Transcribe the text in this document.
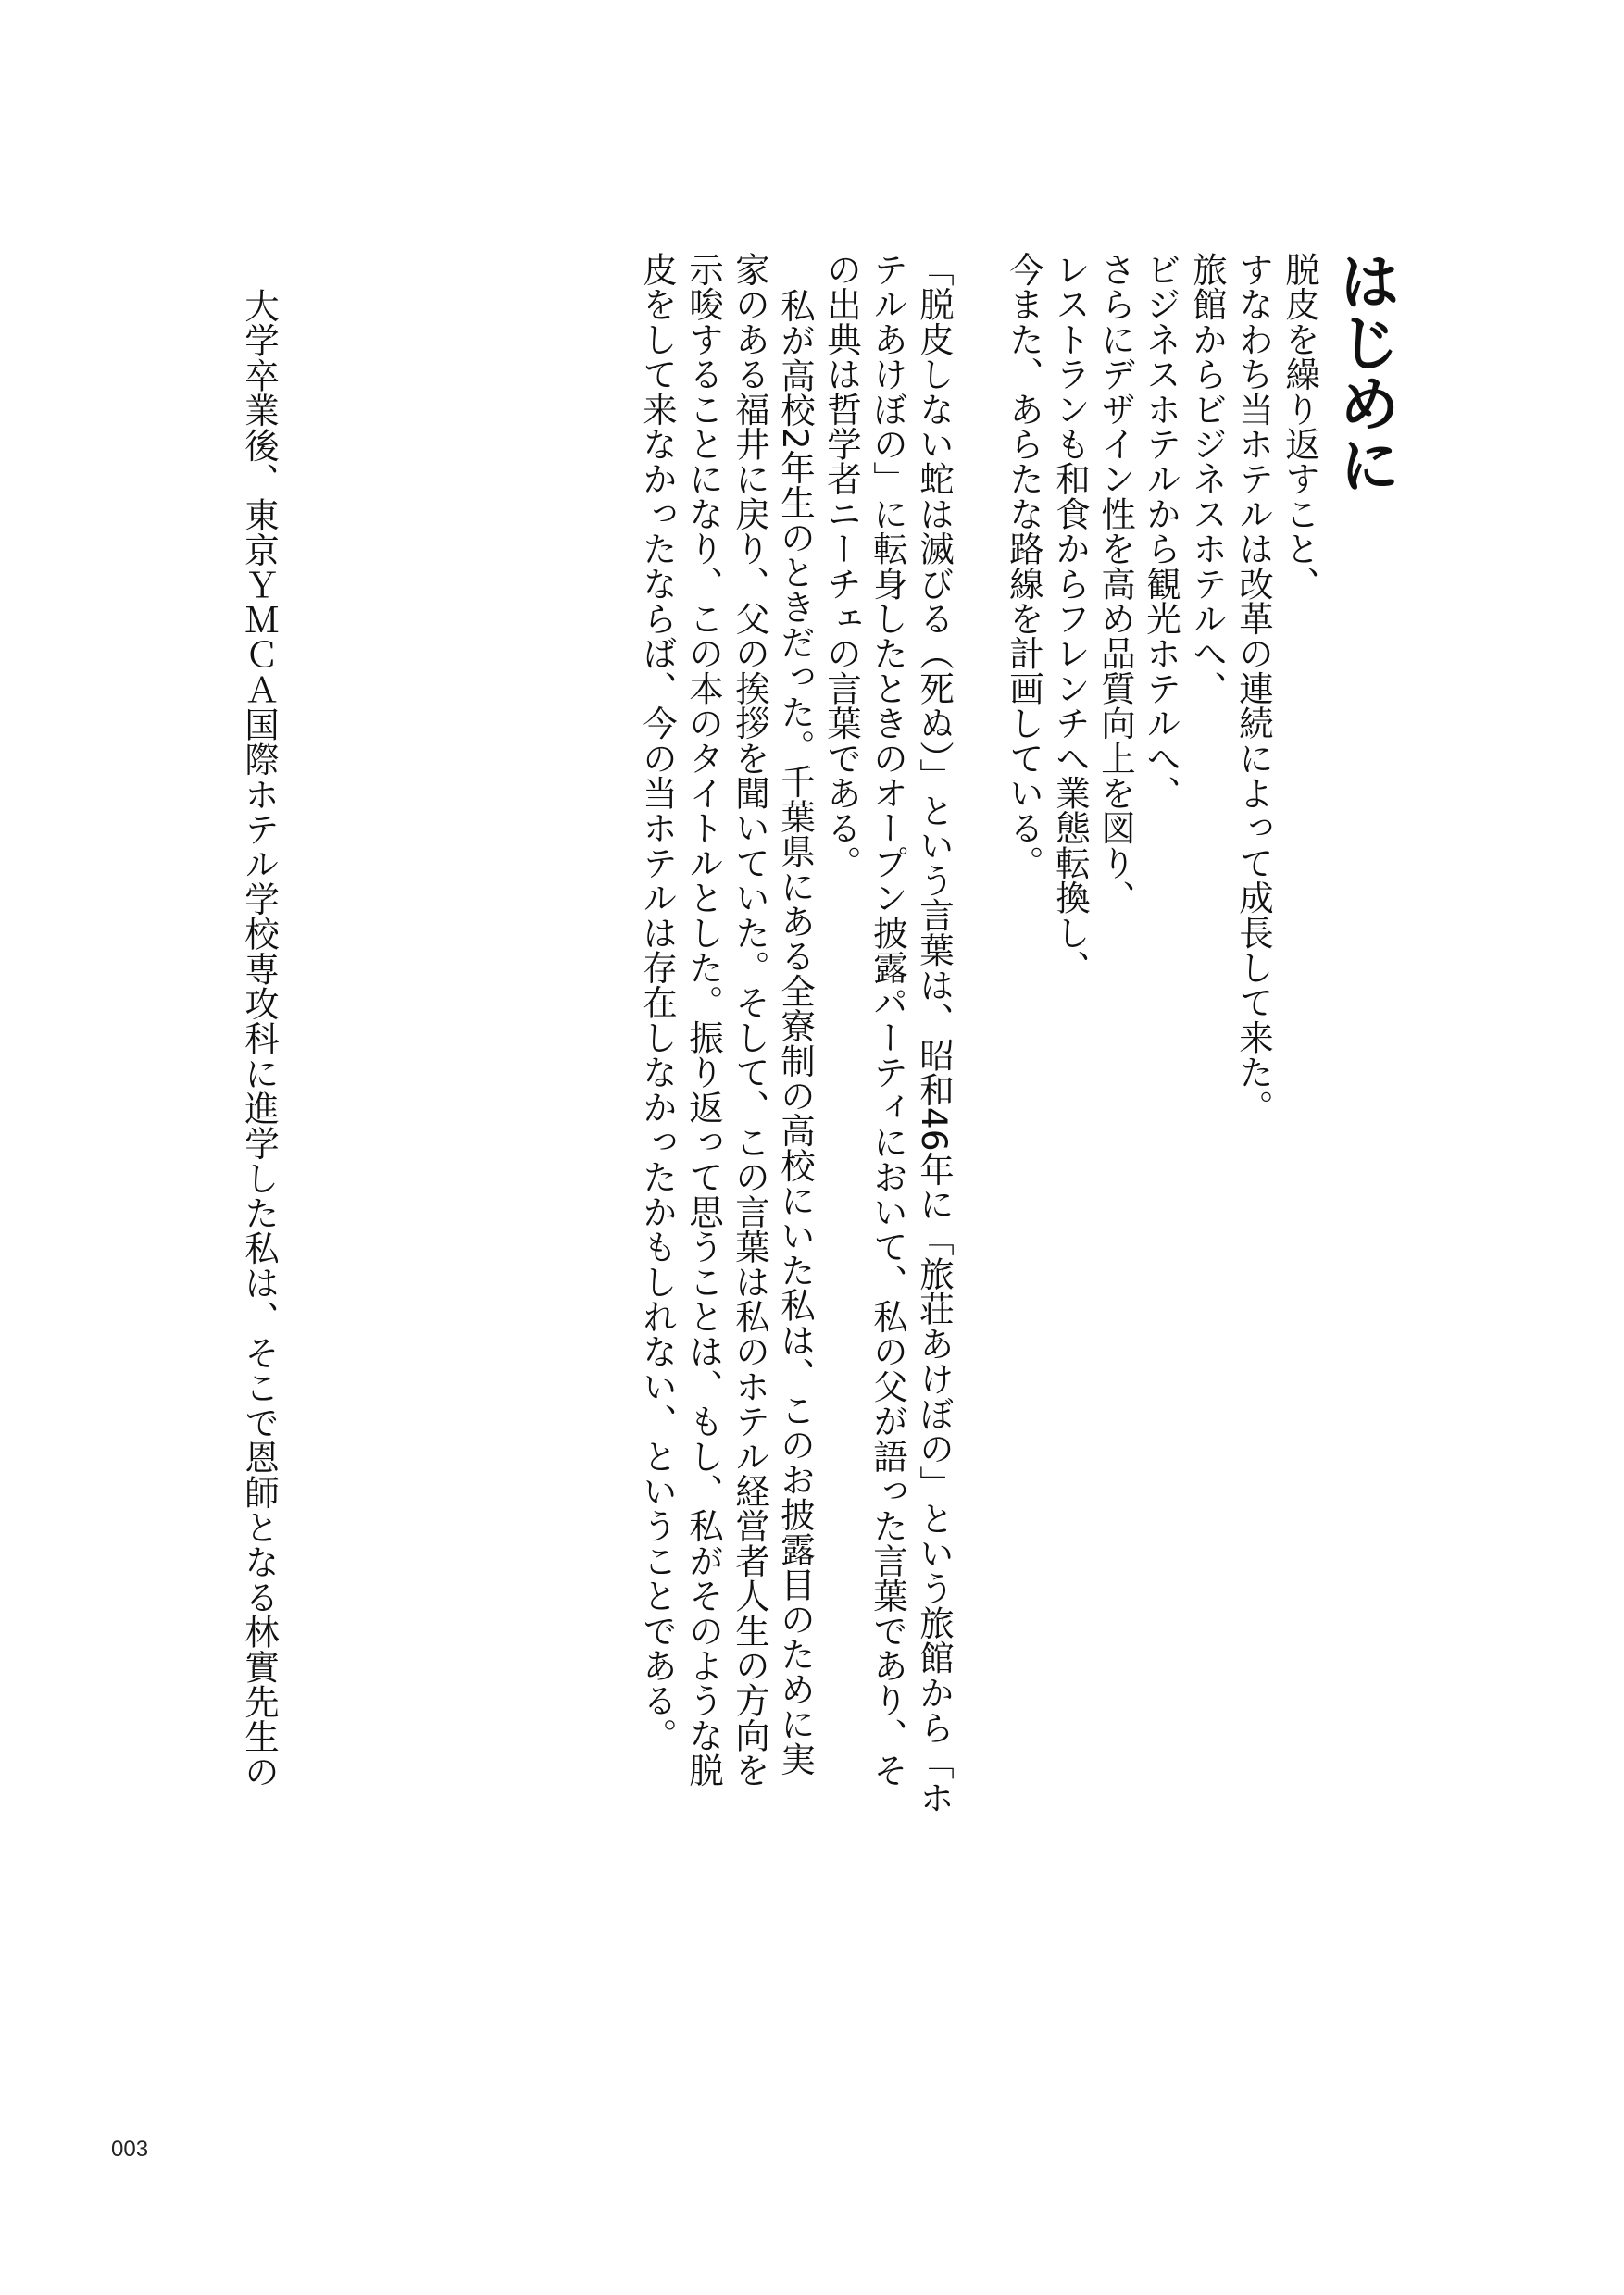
はじめに
脱皮を繰り返すこと、
すなわち当ホテルは改革の連続によって成長して来た。
旅館からビジネスホテルへ、
ビジネスホテルから観光ホテルへ、
さらにデザイン性を高め品質向上を図り、
レストランも和食からフレンチへ業態転換し、
今また、あらたな路線を計画している。
「脱皮しない蛇は滅びる（死ぬ）」という言葉は、昭和46年に「旅荘あけぼの」という旅館から「ホ
テルあけぼの」に転身したときのオープン披露パーティにおいて、私の父が語った言葉であり、そ
の出典は哲学者ニーチェの言葉である。
私が高校2年生のときだった。千葉県にある全寮制の高校にいた私は、このお披露目のために実
家のある福井に戻り、父の挨拶を聞いていた。そして、この言葉は私のホテル経営者人生の方向を
示唆することになり、この本のタイトルとした。振り返って思うことは、もし、私がそのような脱
皮をして来なかったならば、今の当ホテルは存在しなかったかもしれない、ということである。
大学卒業後、東京ＹＭＣＡ国際ホテル学校専攻科に進学した私は、そこで恩師となる林實先生の
003
